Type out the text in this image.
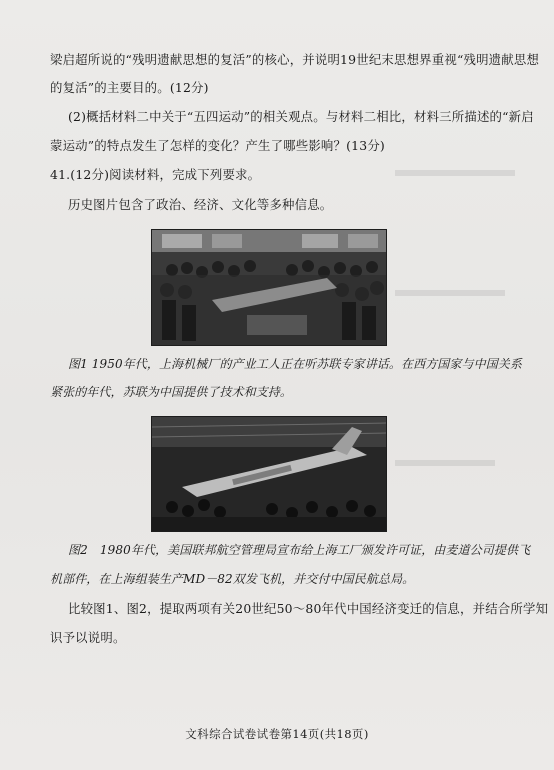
梁启超所说的“残明遗献思想的复活”的核心，并说明19世纪末思想界重视“残明遗献思想
的复活”的主要目的。(12分)
(2)概括材料二中关于“五四运动”的相关观点。与材料二相比，材料三所描述的“新启
蒙运动”的特点发生了怎样的变化？产生了哪些影响？(13分)
41.(12分)阅读材料，完成下列要求。
历史图片包含了政治、经济、文化等多种信息。
图1 1950年代，上海机械厂的产业工人正在听苏联专家讲话。在西方国家与中国关系
紧张的年代，苏联为中国提供了技术和支持。
图2　1980年代，美国联邦航空管理局宣布给上海工厂颁发许可证，由麦道公司提供飞
机部件，在上海组装生产MD－82双发飞机，并交付中国民航总局。
比较图1、图2，提取两项有关20世纪50～80年代中国经济变迁的信息，并结合所学知
识予以说明。
文科综合试卷试卷第14页(共18页)
